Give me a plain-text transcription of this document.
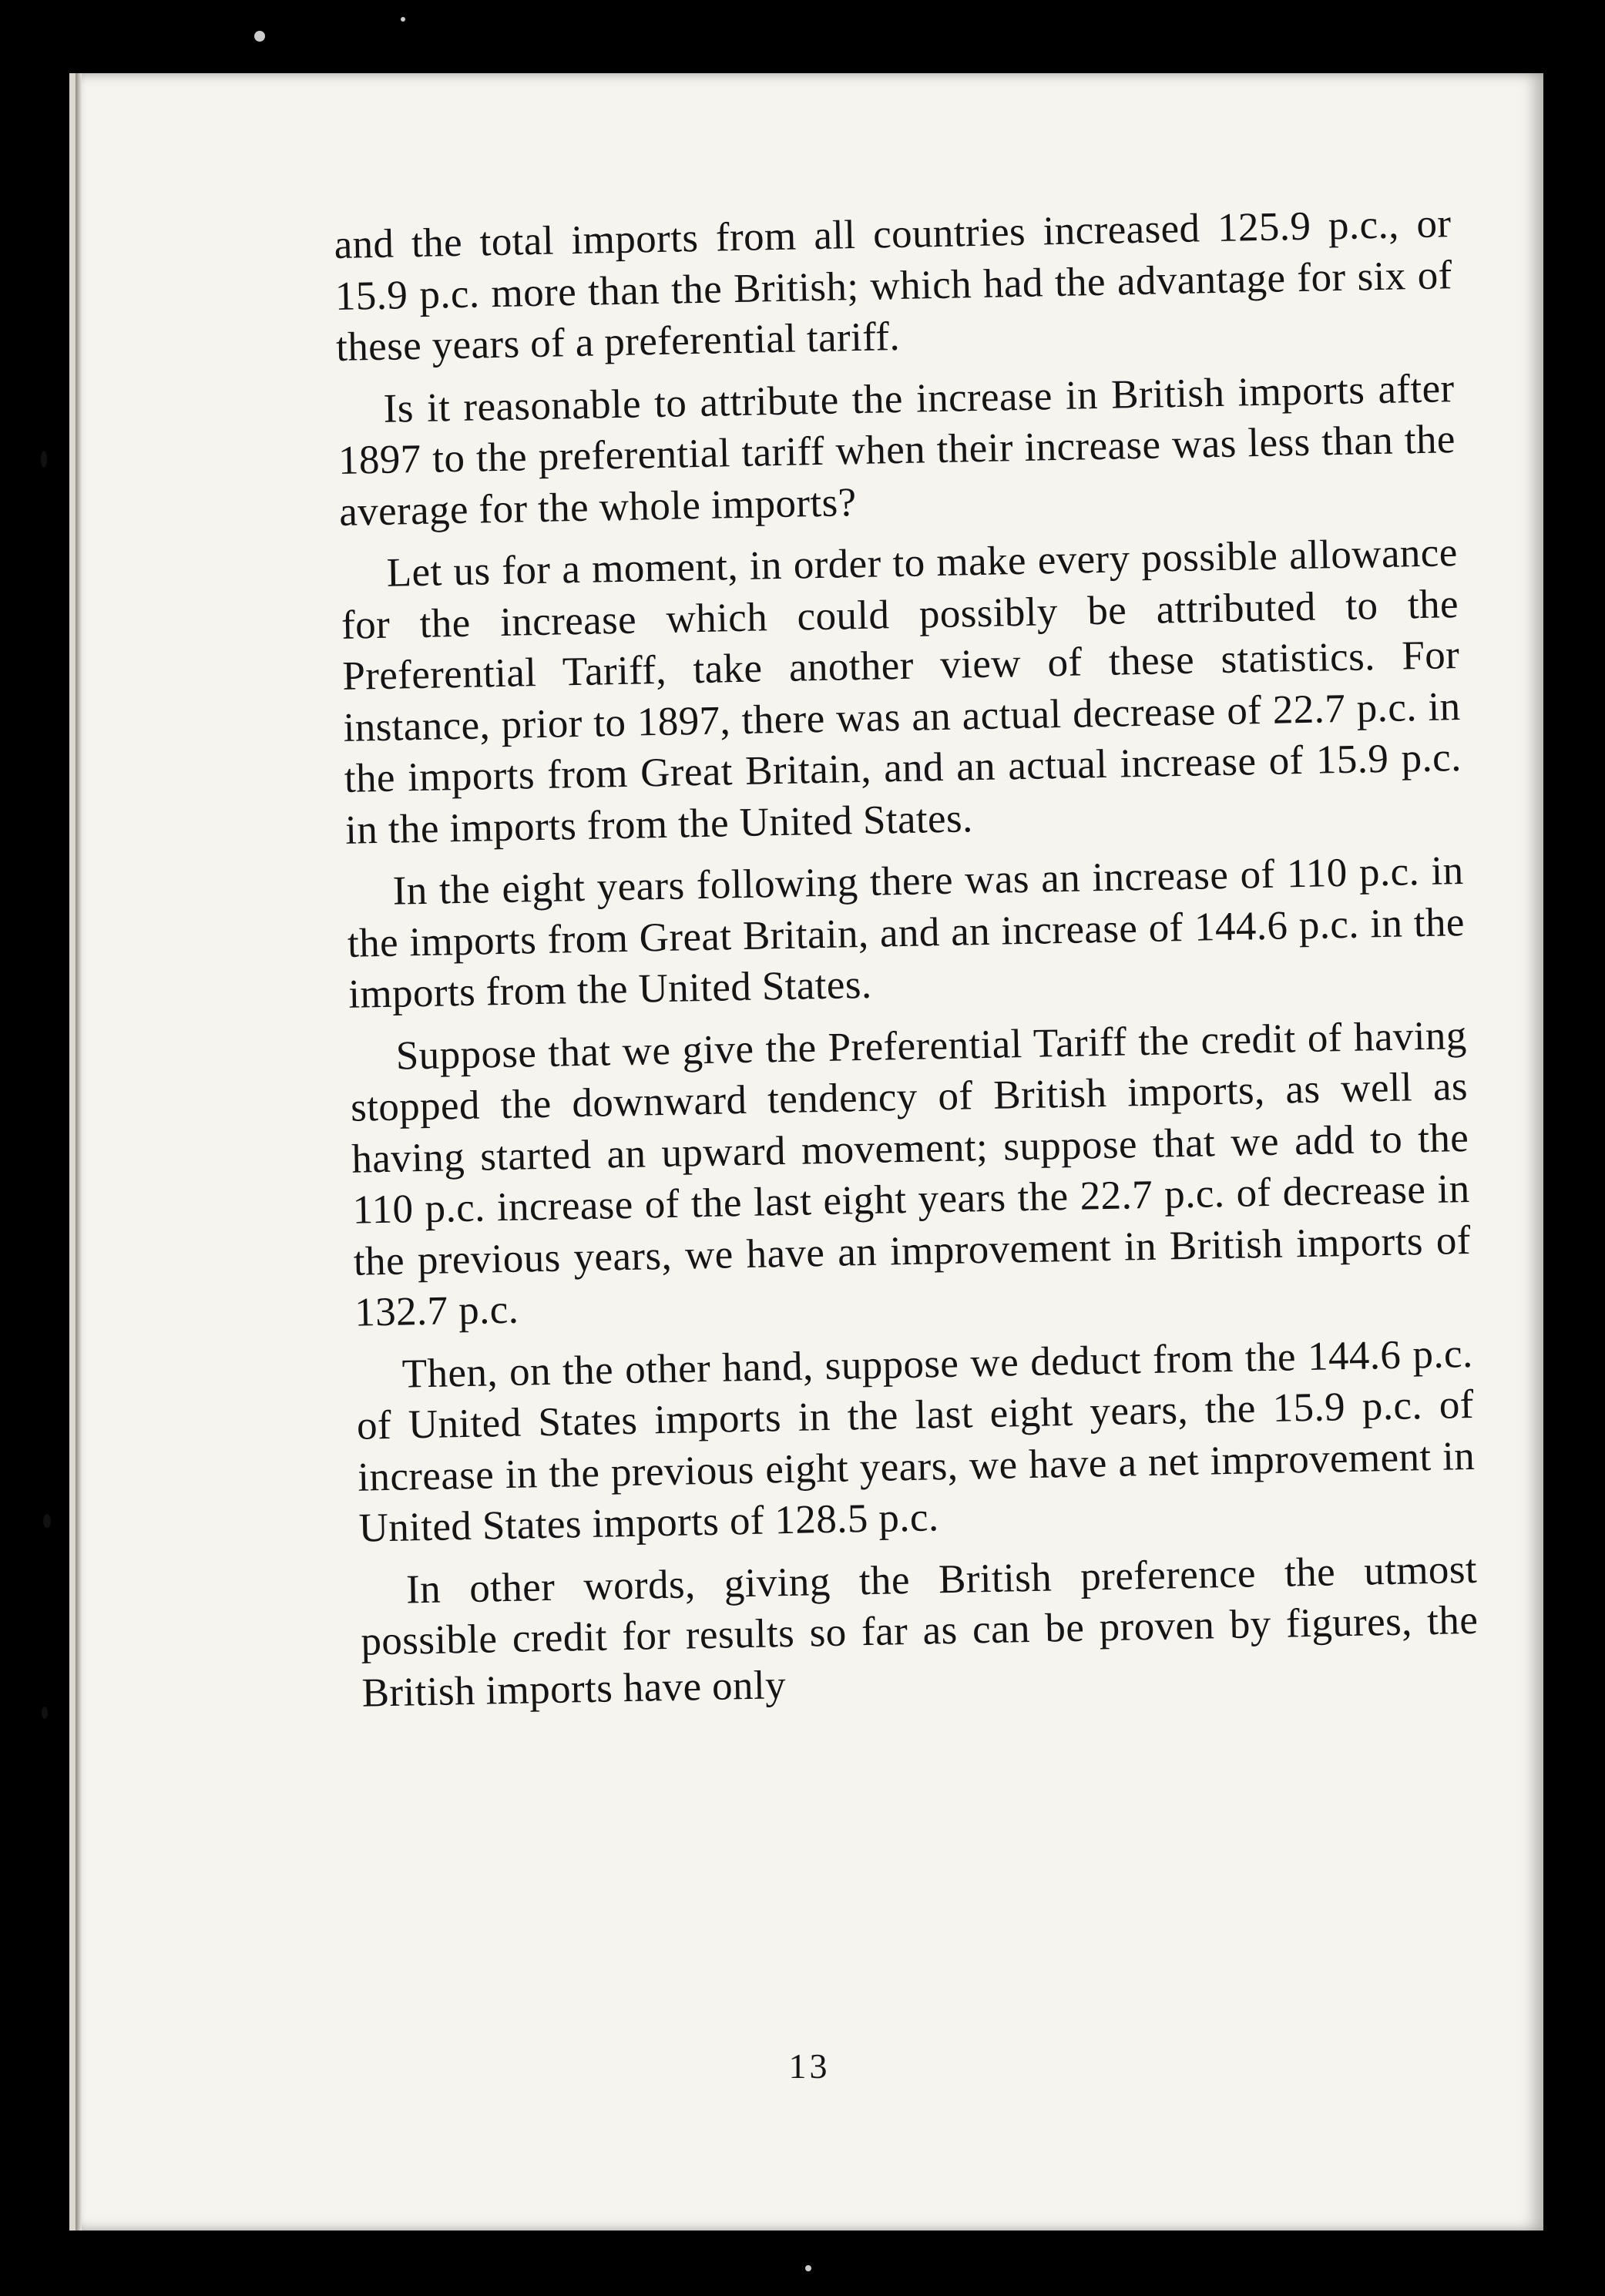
and the total imports from all countries increased 125.9 p.c., or 15.9 p.c. more than the British; which had the advantage for six of these years of a preferential tariff.

Is it reasonable to attribute the increase in British imports after 1897 to the preferential tariff when their increase was less than the average for the whole imports?

Let us for a moment, in order to make every possible allowance for the increase which could possibly be attributed to the Preferential Tariff, take another view of these statistics. For instance, prior to 1897, there was an actual decrease of 22.7 p.c. in the imports from Great Britain, and an actual increase of 15.9 p.c. in the imports from the United States.

In the eight years following there was an increase of 110 p.c. in the imports from Great Britain, and an increase of 144.6 p.c. in the imports from the United States.

Suppose that we give the Preferential Tariff the credit of having stopped the downward tendency of British imports, as well as having started an upward movement; suppose that we add to the 110 p.c. increase of the last eight years the 22.7 p.c. of decrease in the previous years, we have an improvement in British imports of 132.7 p.c.

Then, on the other hand, suppose we deduct from the 144.6 p.c. of United States imports in the last eight years, the 15.9 p.c. of increase in the previous eight years, we have a net improvement in United States imports of 128.5 p.c.

In other words, giving the British preference the utmost possible credit for results so far as can be proven by figures, the British imports have only

13
